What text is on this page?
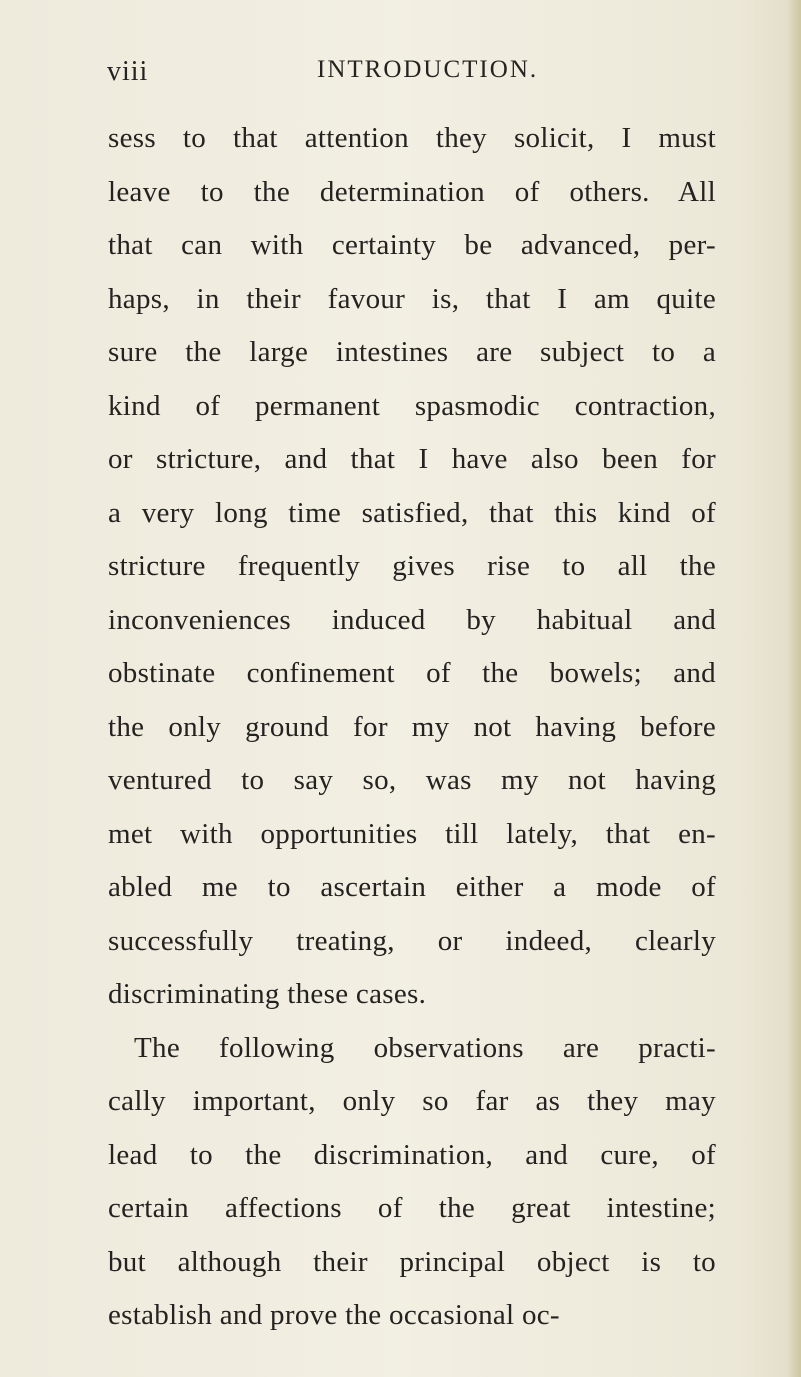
viii	INTRODUCTION.
sess to that attention they solicit, I must
leave to the determination of others. All
that can with certainty be advanced, per-
haps, in their favour is, that I am quite
sure the large intestines are subject to a
kind of permanent spasmodic contraction,
or stricture, and that I have also been for
a very long time satisfied, that this kind of
stricture frequently gives rise to all the
inconveniences induced by habitual and
obstinate confinement of the bowels; and
the only ground for my not having before
ventured to say so, was my not having
met with opportunities till lately, that en-
abled me to ascertain either a mode of
successfully treating, or indeed, clearly
discriminating these cases.
The following observations are practi-
cally important, only so far as they may
lead to the discrimination, and cure, of
certain affections of the great intestine;
but although their principal object is to
establish and prove the occasional oc-
